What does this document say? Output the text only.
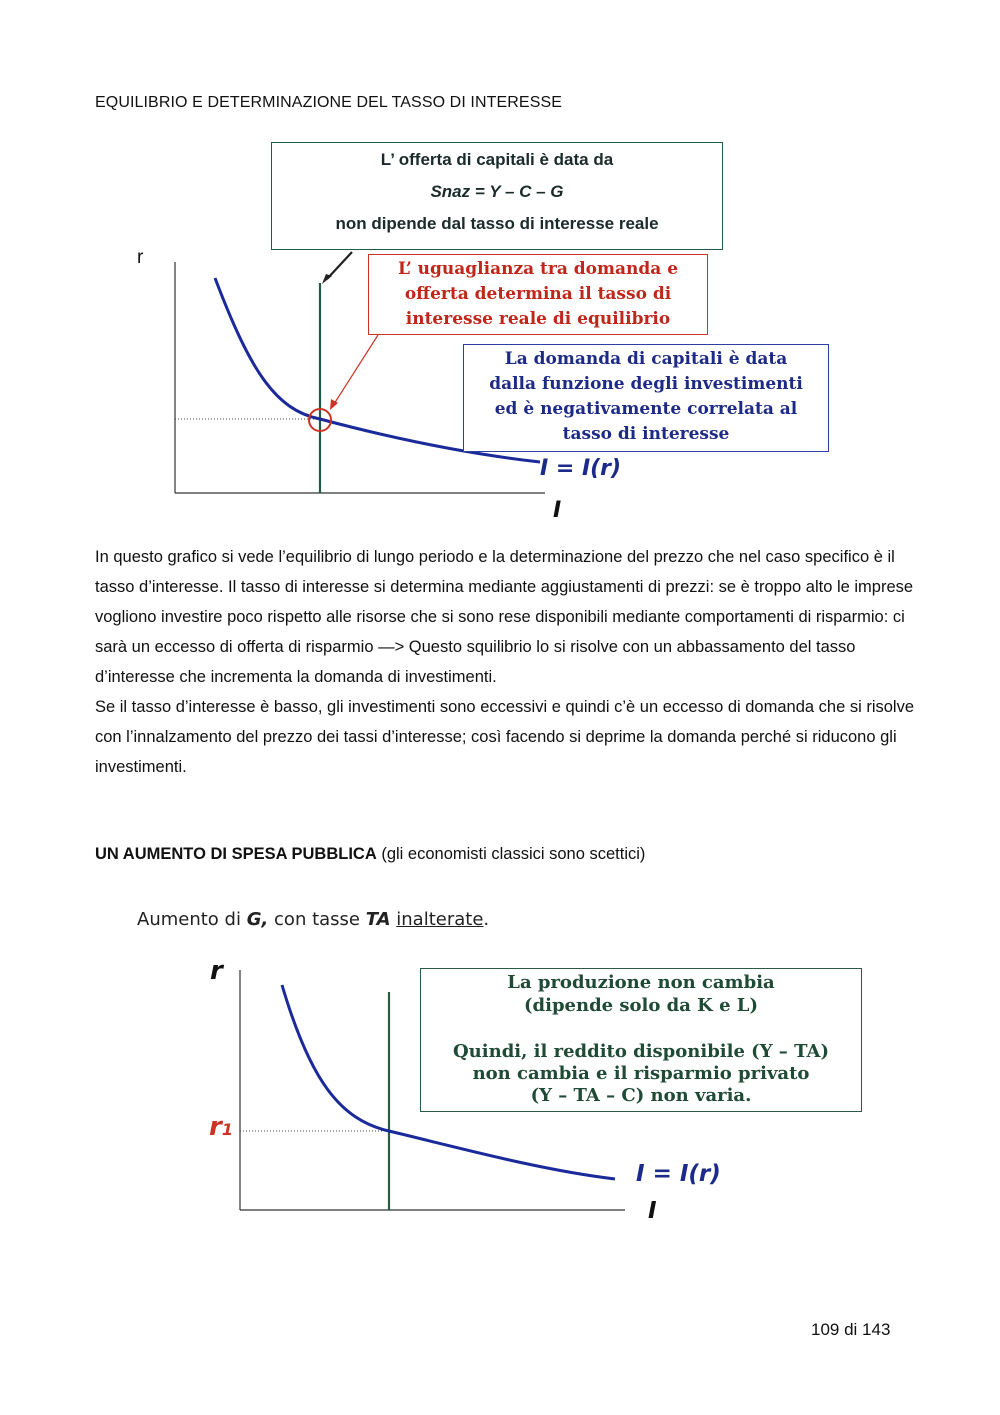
EQUILIBRIO E DETERMINAZIONE DEL TASSO DI INTERESSE
L’ offerta di capitali è data da
Snaz = Y – C – G
non dipende dal tasso di interesse reale
r
L’ uguaglianza tra domanda e
offerta determina il tasso di
interesse reale di equilibrio
La domanda di capitali è data
dalla funzione degli investimenti
ed è negativamente correlata al
tasso di interesse
I = I(r)
I

In questo grafico si vede l’equilibrio di lungo periodo e la determinazione del prezzo che nel caso specifico è il tasso d’interesse. Il tasso di interesse si determina mediante aggiustamenti di prezzi: se è troppo alto le imprese vogliono investire poco rispetto alle risorse che si sono rese disponibili mediante comportamenti di risparmio: ci sarà un eccesso di offerta di risparmio —> Questo squilibrio lo si risolve con un abbassamento del tasso d’interesse che incrementa la domanda di investimenti.

Se il tasso d’interesse è basso, gli investimenti sono eccessivi e quindi c’è un eccesso di domanda che si risolve con l’innalzamento del prezzo dei tassi d’interesse; così facendo si deprime la domanda perché si riducono gli investimenti.

UN AUMENTO DI SPESA PUBBLICA (gli economisti classici sono scettici)
Aumento di G, con tasse TA inalterate.
r
r1
La produzione non cambia
(dipende solo da K e L)
Quindi, il reddito disponibile (Y – TA)
non cambia e il risparmio privato
(Y – TA – C) non varia.
I = I(r)
I
109 di 143
